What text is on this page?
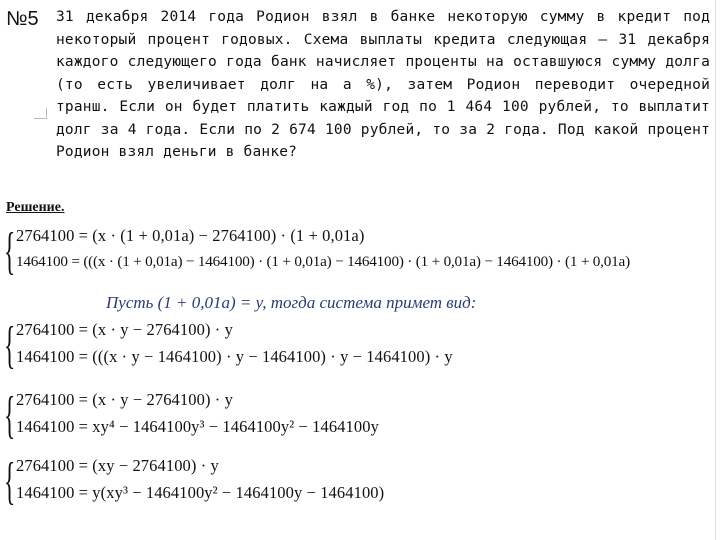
№5 31 декабря 2014 года Родион взял в банке некоторую сумму в кредит под некоторый процент годовых. Схема выплаты кредита следующая – 31 декабря каждого следующего года банк начисляет проценты на оставшуюся сумму долга (то есть увеличивает долг на а %), затем Родион переводит очередной транш. Если он будет платить каждый год по 1 464 100 рублей, то выплатит долг за 4 года. Если по 2 674 100 рублей, то за 2 года. Под какой процент Родион взял деньги в банке?

Решение.
{ 2764100 = (x · (1 + 0,01a) − 2764100) · (1 + 0,01a)
1464100 = (((x · (1 + 0,01a) − 1464100) · (1 + 0,01a) − 1464100) · (1 + 0,01a) − 1464100) · (1 + 0,01a)
Пусть (1 + 0,01a) = y, тогда система примет вид:
{ 2764100 = (x · y − 2764100) · y
1464100 = (((x · y − 1464100) · y − 1464100) · y − 1464100) · y
{ 2764100 = (x · y − 2764100) · y
1464100 = xy⁴ − 1464100y³ − 1464100y² − 1464100y
{ 2764100 = (xy − 2764100) · y
1464100 = y(xy³ − 1464100y² − 1464100y − 1464100)
